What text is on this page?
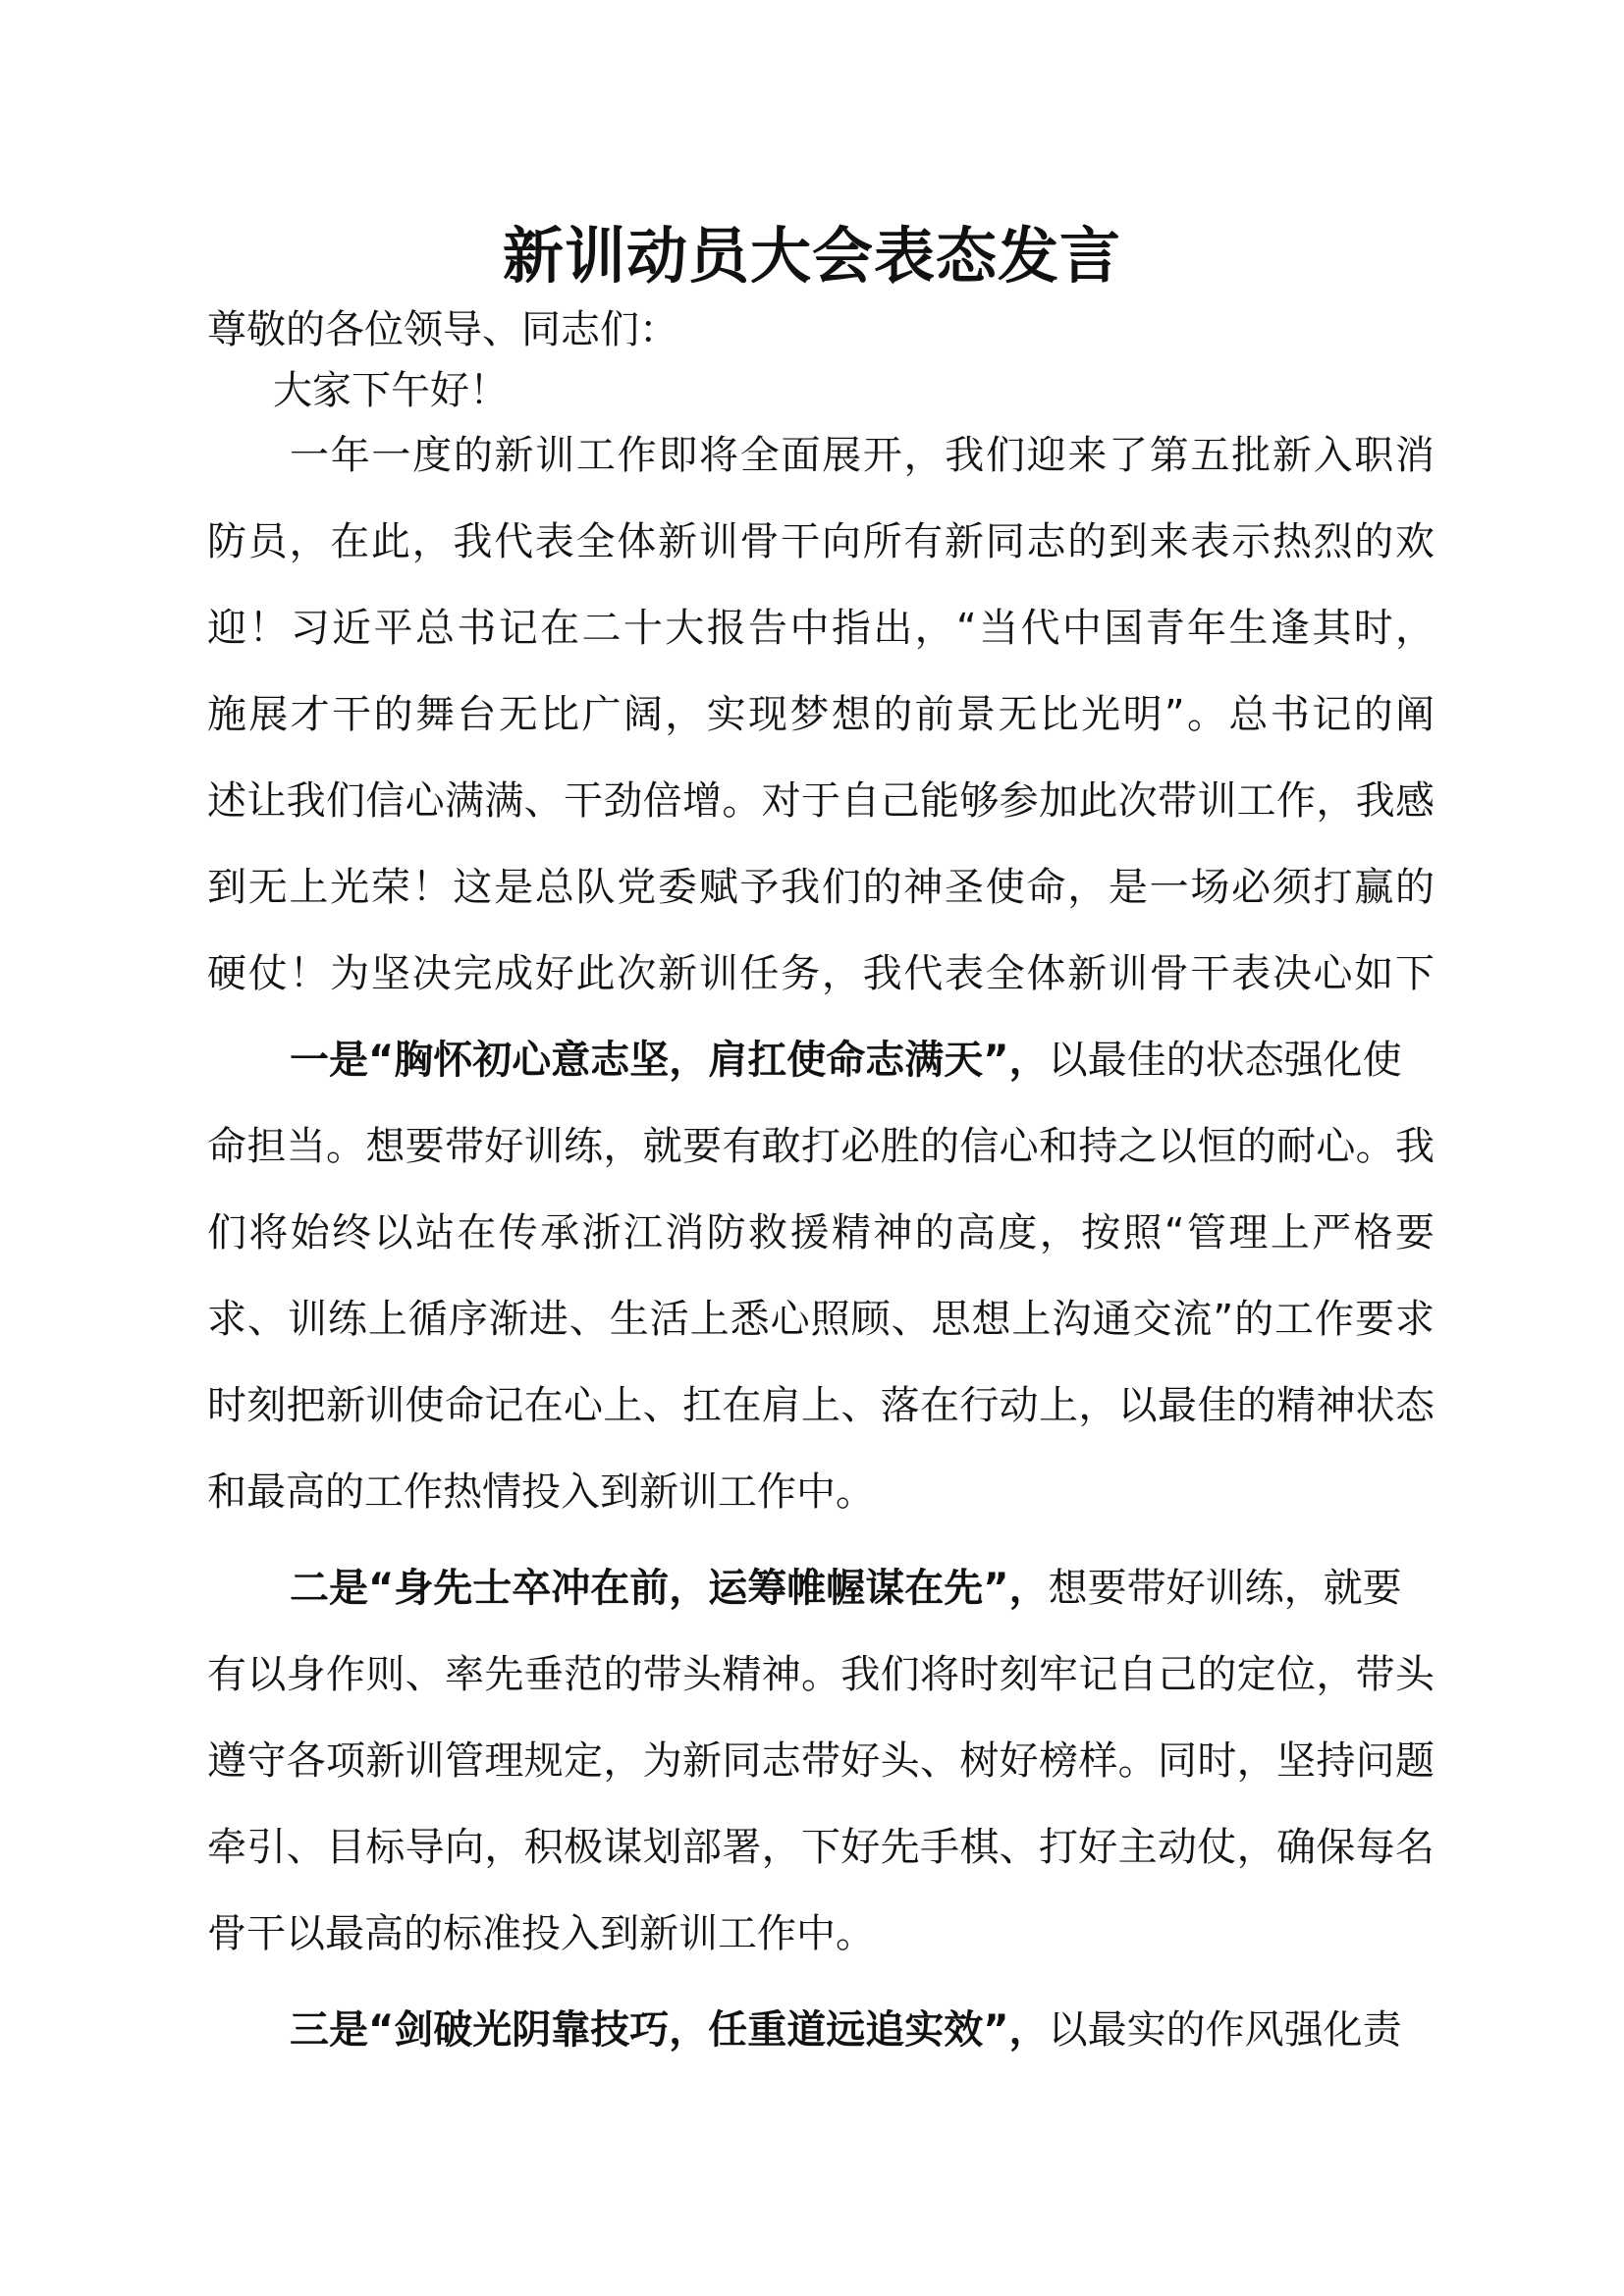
新训动员大会表态发言
尊敬的各位领导、同志们：
大家下午好！
一年一度的新训工作即将全面展开，我们迎来了第五批新入职消
防员，在此，我代表全体新训骨干向所有新同志的到来表示热烈的欢
迎！习近平总书记在二十大报告中指出，“当代中国青年生逢其时，
施展才干的舞台无比广阔，实现梦想的前景无比光明”。总书记的阐
述让我们信心满满、干劲倍增。对于自己能够参加此次带训工作，我感
到无上光荣！这是总队党委赋予我们的神圣使命，是一场必须打赢的
硬仗！为坚决完成好此次新训任务，我代表全体新训骨干表决心如下
一是“胸怀初心意志坚，肩扛使命志满天”，以最佳的状态强化使
命担当。想要带好训练，就要有敢打必胜的信心和持之以恒的耐心。我
们将始终以站在传承浙江消防救援精神的高度，按照“管理上严格要
求、训练上循序渐进、生活上悉心照顾、思想上沟通交流”的工作要求
时刻把新训使命记在心上、扛在肩上、落在行动上，以最佳的精神状态
和最高的工作热情投入到新训工作中。
二是“身先士卒冲在前，运筹帷幄谋在先”，想要带好训练，就要
有以身作则、率先垂范的带头精神。我们将时刻牢记自己的定位，带头
遵守各项新训管理规定，为新同志带好头、树好榜样。同时，坚持问题
牵引、目标导向，积极谋划部署，下好先手棋、打好主动仗，确保每名
骨干以最高的标准投入到新训工作中。
三是“剑破光阴靠技巧，任重道远追实效”，以最实的作风强化责
